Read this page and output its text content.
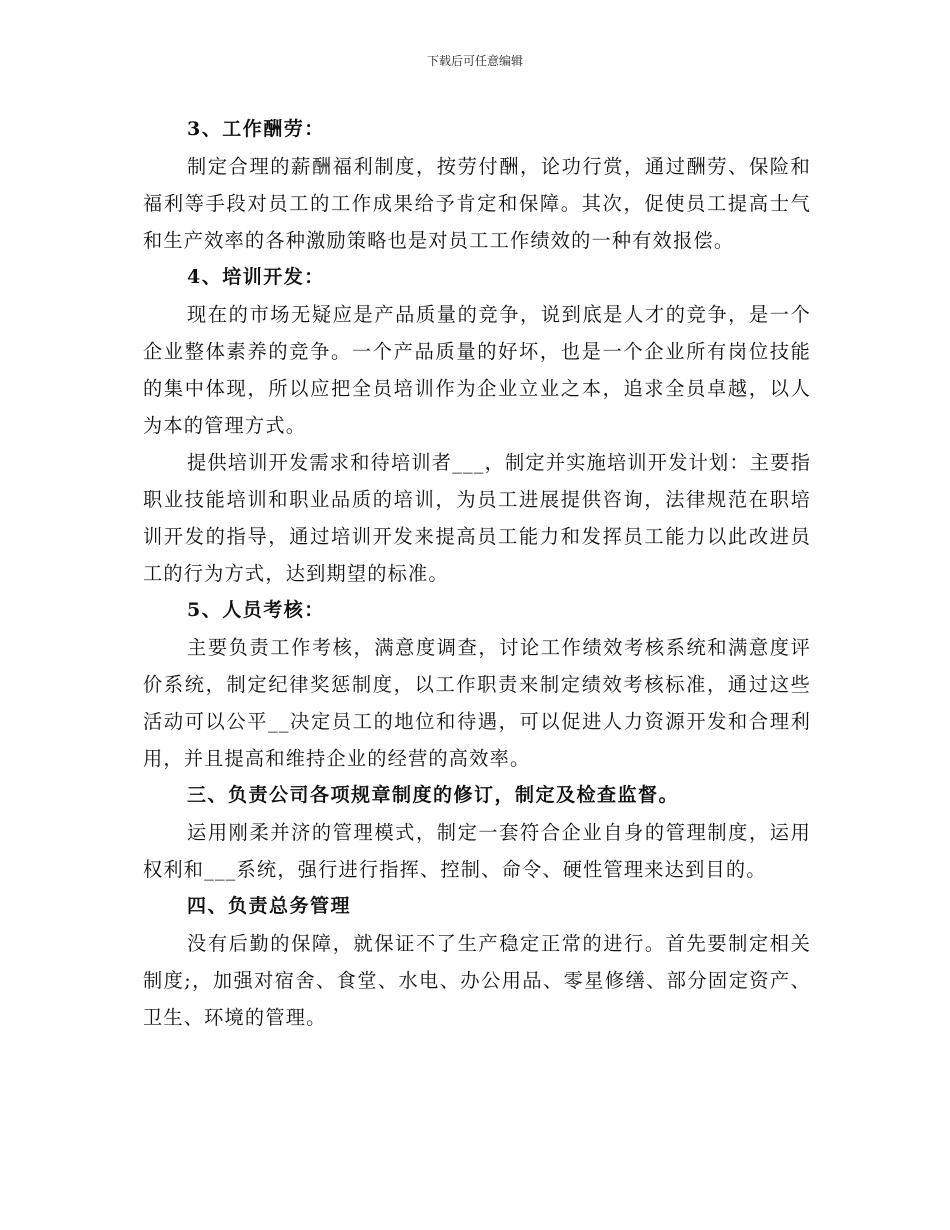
下载后可任意编辑
3、工作酬劳：

制定合理的薪酬福利制度，按劳付酬，论功行赏，通过酬劳、保险和福利等手段对员工的工作成果给予肯定和保障。其次，促使员工提高士气和生产效率的各种激励策略也是对员工工作绩效的一种有效报偿。

4、培训开发：

现在的市场无疑应是产品质量的竞争，说到底是人才的竞争，是一个企业整体素养的竞争。一个产品质量的好坏，也是一个企业所有岗位技能的集中体现，所以应把全员培训作为企业立业之本，追求全员卓越，以人为本的管理方式。

提供培训开发需求和待培训者___，制定并实施培训开发计划：主要指职业技能培训和职业品质的培训，为员工进展提供咨询，法律规范在职培训开发的指导，通过培训开发来提高员工能力和发挥员工能力以此改进员工的行为方式，达到期望的标准。

5、人员考核：

主要负责工作考核，满意度调查，讨论工作绩效考核系统和满意度评价系统，制定纪律奖惩制度，以工作职责来制定绩效考核标准，通过这些活动可以公平__决定员工的地位和待遇，可以促进人力资源开发和合理利用，并且提高和维持企业的经营的高效率。

三、负责公司各项规章制度的修订，制定及检查监督。

运用刚柔并济的管理模式，制定一套符合企业自身的管理制度，运用权利和___系统，强行进行指挥、控制、命令、硬性管理来达到目的。

四、负责总务管理

没有后勤的保障，就保证不了生产稳定正常的进行。首先要制定相关制度;，加强对宿舍、食堂、水电、办公用品、零星修缮、部分固定资产、卫生、环境的管理。
